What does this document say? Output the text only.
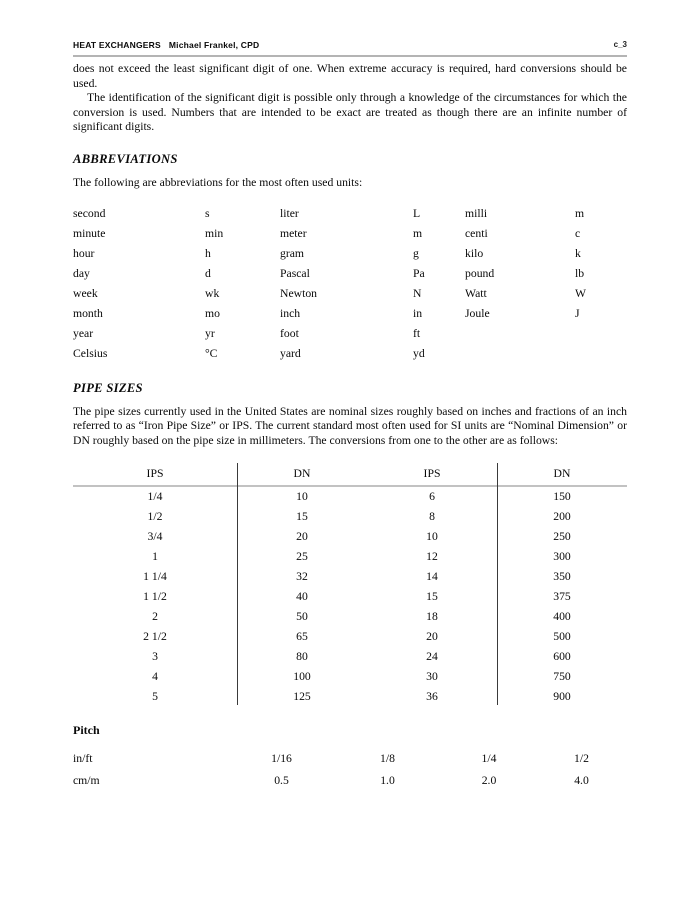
HEAT EXCHANGERS Michael Frankel, CPD	c_3

does not exceed the least significant digit of one. When extreme accuracy is required, hard conversions should be used.

The identification of the significant digit is possible only through a knowledge of the circumstances for which the conversion is used. Numbers that are intended to be exact are treated as though there are an infinite number of significant digits.

ABBREVIATIONS

The following are abbreviations for the most often used units:

second	s	liter	L	milli	m
minute	min	meter	m	centi	c
hour	h	gram	g	kilo	k
day	d	Pascal	Pa	pound	lb
week	wk	Newton	N	Watt	W
month	mo	inch	in	Joule	J
year	yr	foot	ft
Celsius	°C	yard	yd
PIPE SIZES

The pipe sizes currently used in the United States are nominal sizes roughly based on inches and fractions of an inch referred to as “Iron Pipe Size” or IPS. The current standard most often used for SI units are “Nominal Dimension” or DN roughly based on the pipe size in millimeters. The conversions from one to the other are as follows:

IPS	DN	IPS	DN
1/4	10	6	150
1/2	15	8	200
3/4	20	10	250
1	25	12	300
1 1/4	32	14	350
1 1/2	40	15	375
2	50	18	400
2 1/2	65	20	500
3	80	24	600
4	100	30	750
5	125	36	900
Pitch
in/ft	1/16	1/8	1/4	1/2
cm/m	0.5	1.0	2.0	4.0
